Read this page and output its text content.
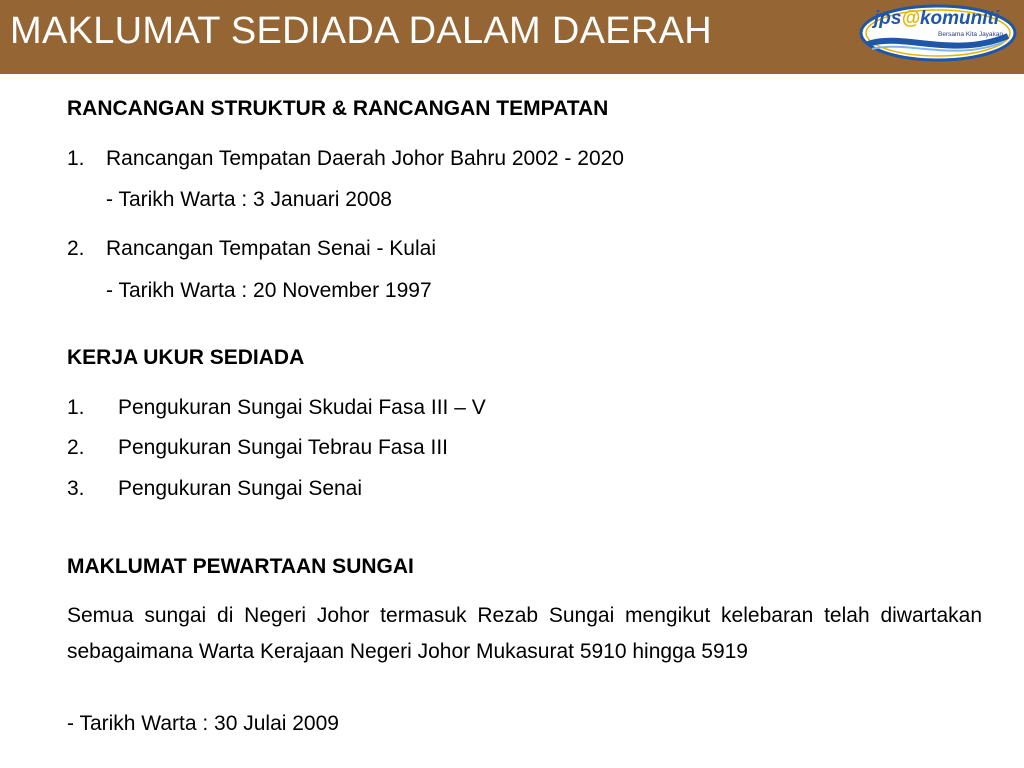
MAKLUMAT SEDIADA DALAM DAERAH	jps@komuniti
Bersama Kita Jayakan
RANCANGAN STRUKTUR & RANCANGAN TEMPATAN
1. Rancangan Tempatan Daerah Johor Bahru 2002 - 2020
- Tarikh Warta : 3 Januari 2008
2. Rancangan Tempatan Senai - Kulai
- Tarikh Warta : 20 November 1997
KERJA UKUR SEDIADA
1. Pengukuran Sungai Skudai Fasa III – V
2. Pengukuran Sungai Tebrau Fasa III
3. Pengukuran Sungai Senai
MAKLUMAT PEWARTAAN SUNGAI
Semua sungai di Negeri Johor termasuk Rezab Sungai mengikut kelebaran telah diwartakan sebagaimana Warta Kerajaan Negeri Johor Mukasurat 5910 hingga 5919
- Tarikh Warta : 30 Julai 2009
